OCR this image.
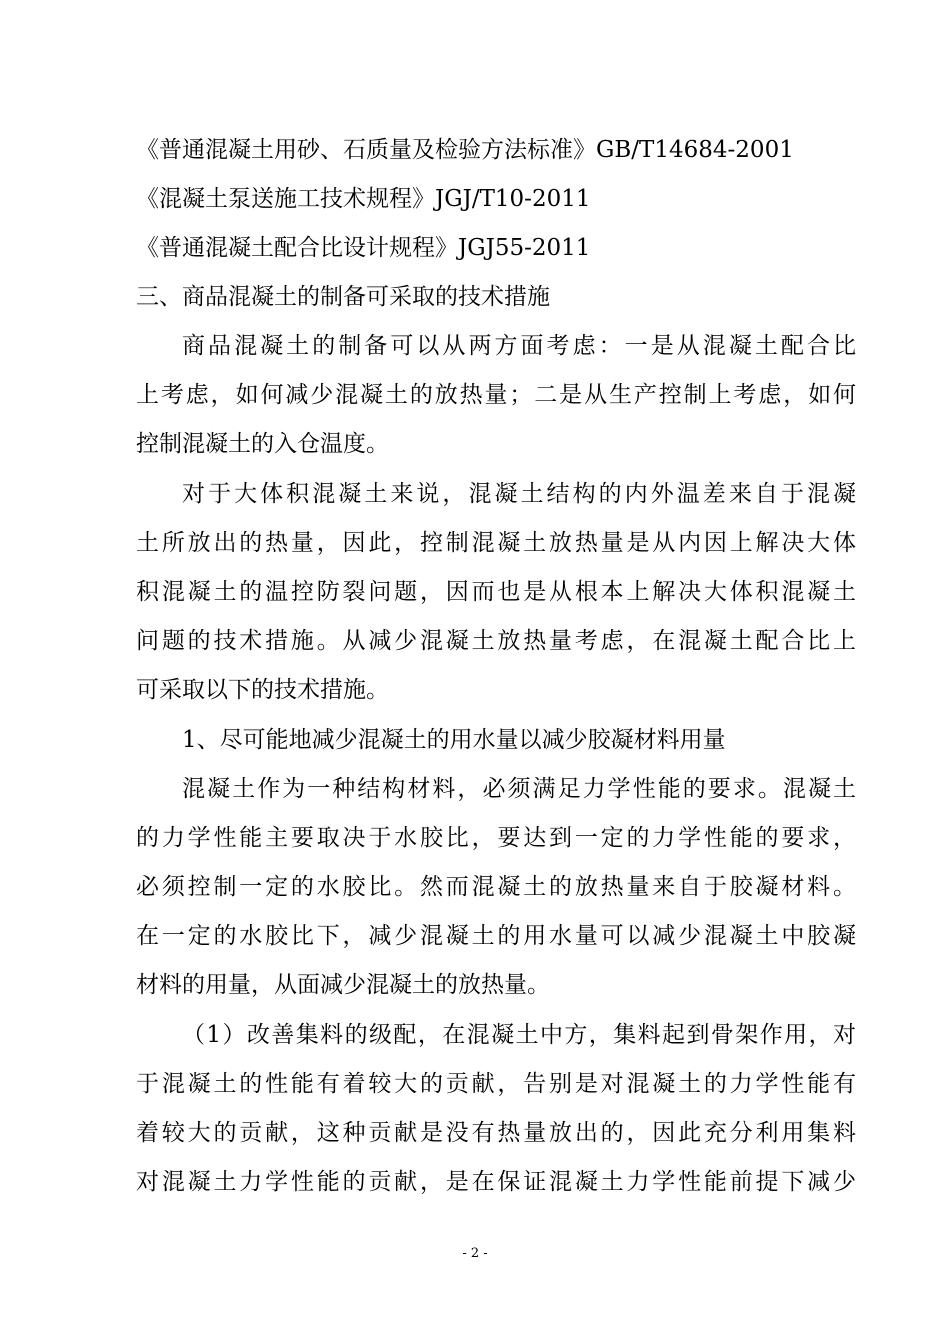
《普通混凝土用砂、石质量及检验方法标准》GB/T14684-2001
《混凝土泵送施工技术规程》JGJ/T10-2011
《普通混凝土配合比设计规程》JGJ55-2011
三、商品混凝土的制备可采取的技术措施
商品混凝土的制备可以从两方面考虑：一是从混凝土配合比
上考虑，如何减少混凝土的放热量；二是从生产控制上考虑，如何
控制混凝土的入仓温度。
对于大体积混凝土来说，混凝土结构的内外温差来自于混凝
土所放出的热量，因此，控制混凝土放热量是从内因上解决大体
积混凝土的温控防裂问题，因而也是从根本上解决大体积混凝土
问题的技术措施。从减少混凝土放热量考虑，在混凝土配合比上
可采取以下的技术措施。
1、尽可能地减少混凝土的用水量以减少胶凝材料用量
混凝土作为一种结构材料，必须满足力学性能的要求。混凝土
的力学性能主要取决于水胶比，要达到一定的力学性能的要求，
必须控制一定的水胶比。然而混凝土的放热量来自于胶凝材料。
在一定的水胶比下，减少混凝土的用水量可以减少混凝土中胶凝
材料的用量，从面减少混凝土的放热量。
（1）改善集料的级配，在混凝土中方，集料起到骨架作用，对
于混凝土的性能有着较大的贡献，告别是对混凝土的力学性能有
着较大的贡献，这种贡献是没有热量放出的，因此充分利用集料
对混凝土力学性能的贡献，是在保证混凝土力学性能前提下减少
- 2 -
